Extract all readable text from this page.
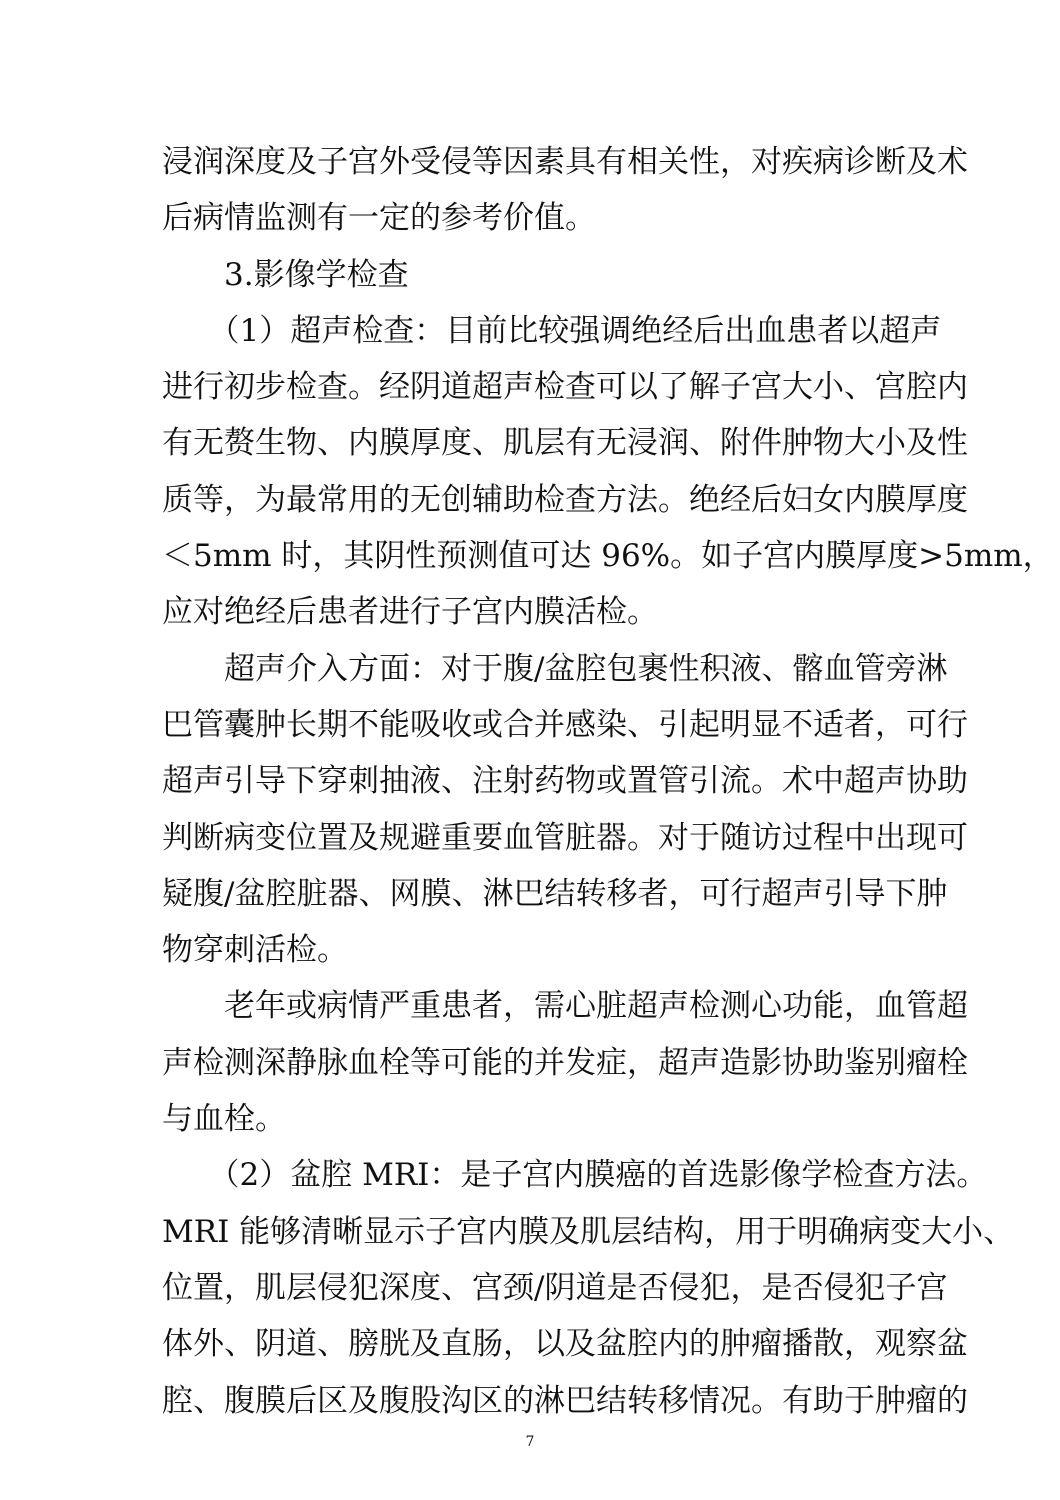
浸润深度及子宫外受侵等因素具有相关性，对疾病诊断及术
后病情监测有一定的参考价值。
　　3.影像学检查
　　（1）超声检查：目前比较强调绝经后出血患者以超声
进行初步检查。经阴道超声检查可以了解子宫大小、宫腔内
有无赘生物、内膜厚度、肌层有无浸润、附件肿物大小及性
质等，为最常用的无创辅助检查方法。绝经后妇女内膜厚度
＜5mm 时，其阴性预测值可达 96%。如子宫内膜厚度>5mm，
应对绝经后患者进行子宫内膜活检。
　　超声介入方面：对于腹/盆腔包裹性积液、髂血管旁淋
巴管囊肿长期不能吸收或合并感染、引起明显不适者，可行
超声引导下穿刺抽液、注射药物或置管引流。术中超声协助
判断病变位置及规避重要血管脏器。对于随访过程中出现可
疑腹/盆腔脏器、网膜、淋巴结转移者，可行超声引导下肿
物穿刺活检。
　　老年或病情严重患者，需心脏超声检测心功能，血管超
声检测深静脉血栓等可能的并发症，超声造影协助鉴别瘤栓
与血栓。
　　（2）盆腔 MRI：是子宫内膜癌的首选影像学检查方法。
MRI 能够清晰显示子宫内膜及肌层结构，用于明确病变大小、
位置，肌层侵犯深度、宫颈/阴道是否侵犯，是否侵犯子宫
体外、阴道、膀胱及直肠，以及盆腔内的肿瘤播散，观察盆
腔、腹膜后区及腹股沟区的淋巴结转移情况。有助于肿瘤的
7
